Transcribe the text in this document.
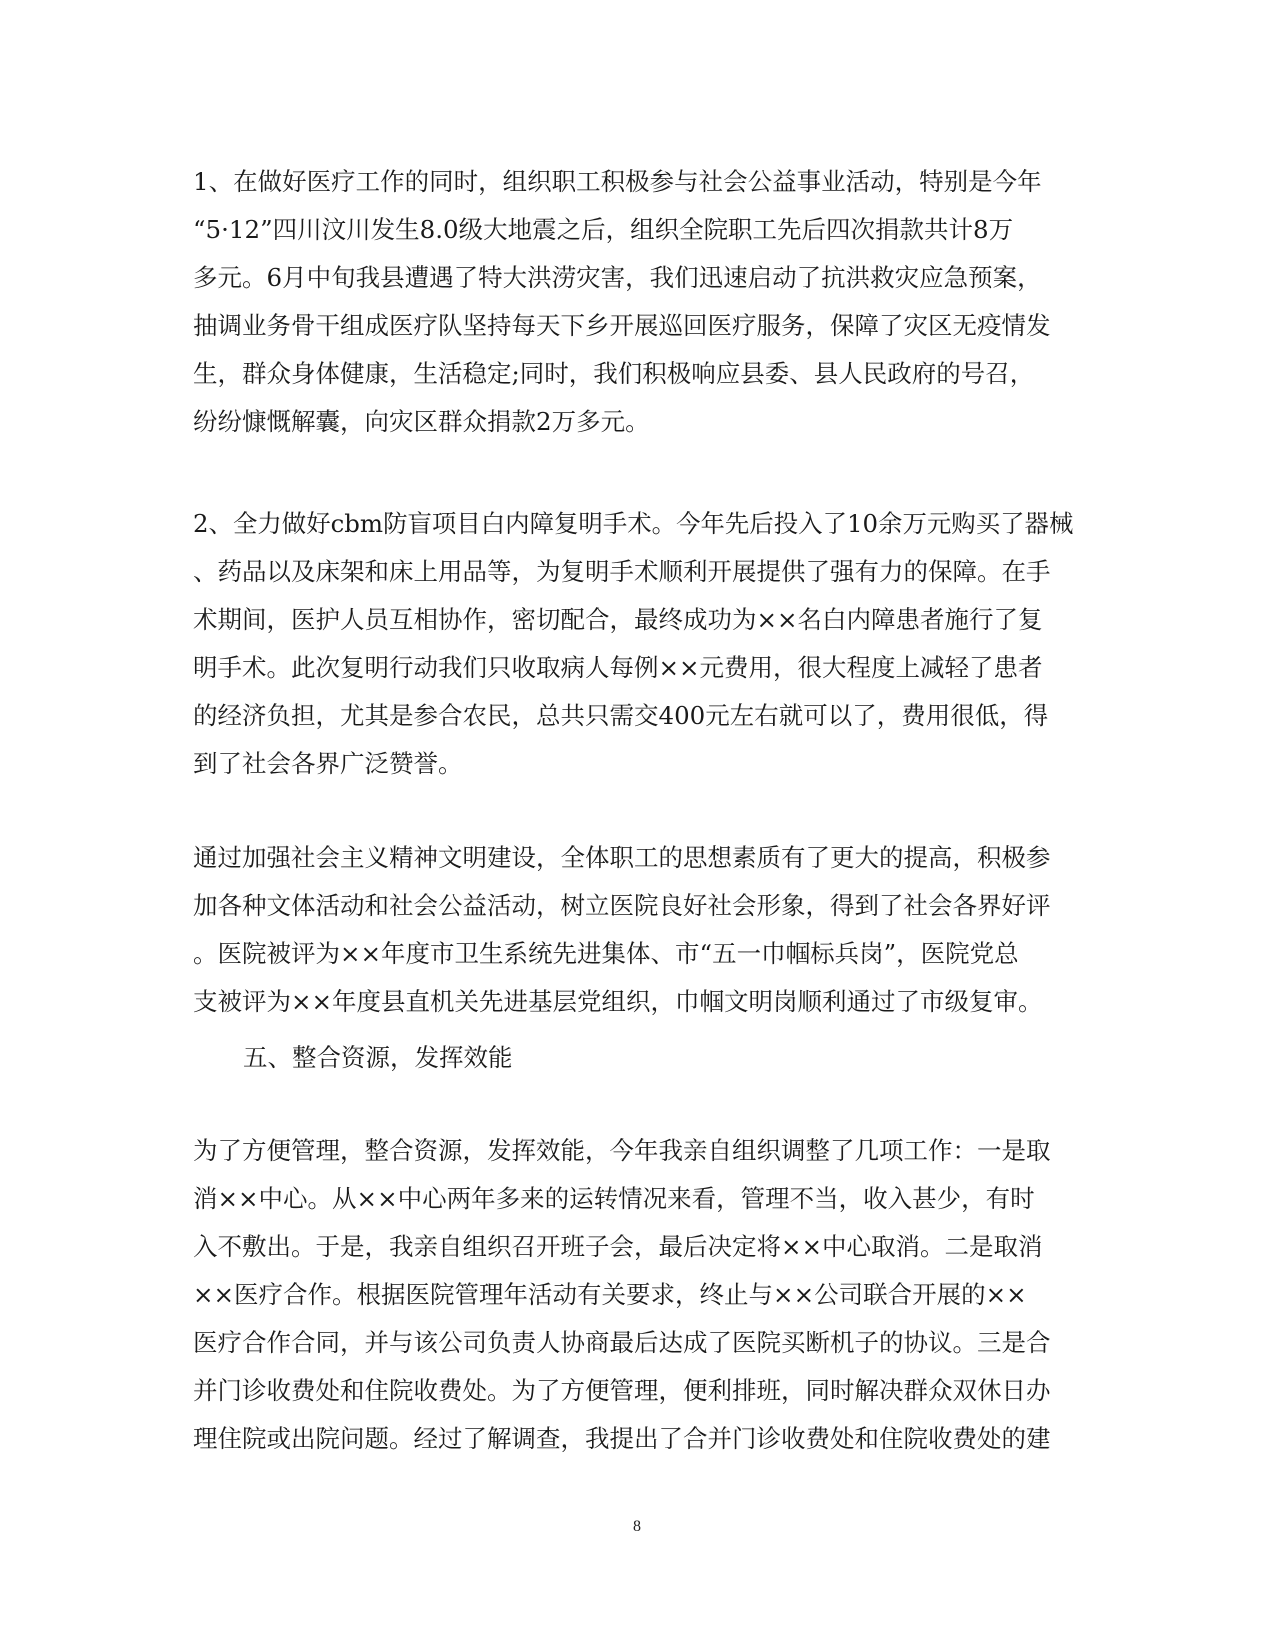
1、在做好医疗工作的同时，组织职工积极参与社会公益事业活动，特别是今年
“5·12”四川汶川发生8.0级大地震之后，组织全院职工先后四次捐款共计8万
多元。6月中旬我县遭遇了特大洪涝灾害，我们迅速启动了抗洪救灾应急预案，
抽调业务骨干组成医疗队坚持每天下乡开展巡回医疗服务，保障了灾区无疫情发
生，群众身体健康，生活稳定;同时，我们积极响应县委、县人民政府的号召，
纷纷慷慨解囊，向灾区群众捐款2万多元。
2、全力做好cbm防盲项目白内障复明手术。今年先后投入了10余万元购买了器械
、药品以及床架和床上用品等，为复明手术顺利开展提供了强有力的保障。在手
术期间，医护人员互相协作，密切配合，最终成功为××名白内障患者施行了复
明手术。此次复明行动我们只收取病人每例××元费用，很大程度上减轻了患者
的经济负担，尤其是参合农民，总共只需交400元左右就可以了，费用很低，得
到了社会各界广泛赞誉。
通过加强社会主义精神文明建设，全体职工的思想素质有了更大的提高，积极参
加各种文体活动和社会公益活动，树立医院良好社会形象，得到了社会各界好评
。医院被评为××年度市卫生系统先进集体、市“五一巾帼标兵岗”，医院党总
支被评为××年度县直机关先进基层党组织，巾帼文明岗顺利通过了市级复审。
五、整合资源，发挥效能
为了方便管理，整合资源，发挥效能，今年我亲自组织调整了几项工作：一是取
消××中心。从××中心两年多来的运转情况来看，管理不当，收入甚少，有时
入不敷出。于是，我亲自组织召开班子会，最后决定将××中心取消。二是取消
××医疗合作。根据医院管理年活动有关要求，终止与××公司联合开展的××
医疗合作合同，并与该公司负责人协商最后达成了医院买断机子的协议。三是合
并门诊收费处和住院收费处。为了方便管理，便利排班，同时解决群众双休日办
理住院或出院问题。经过了解调查，我提出了合并门诊收费处和住院收费处的建
8
